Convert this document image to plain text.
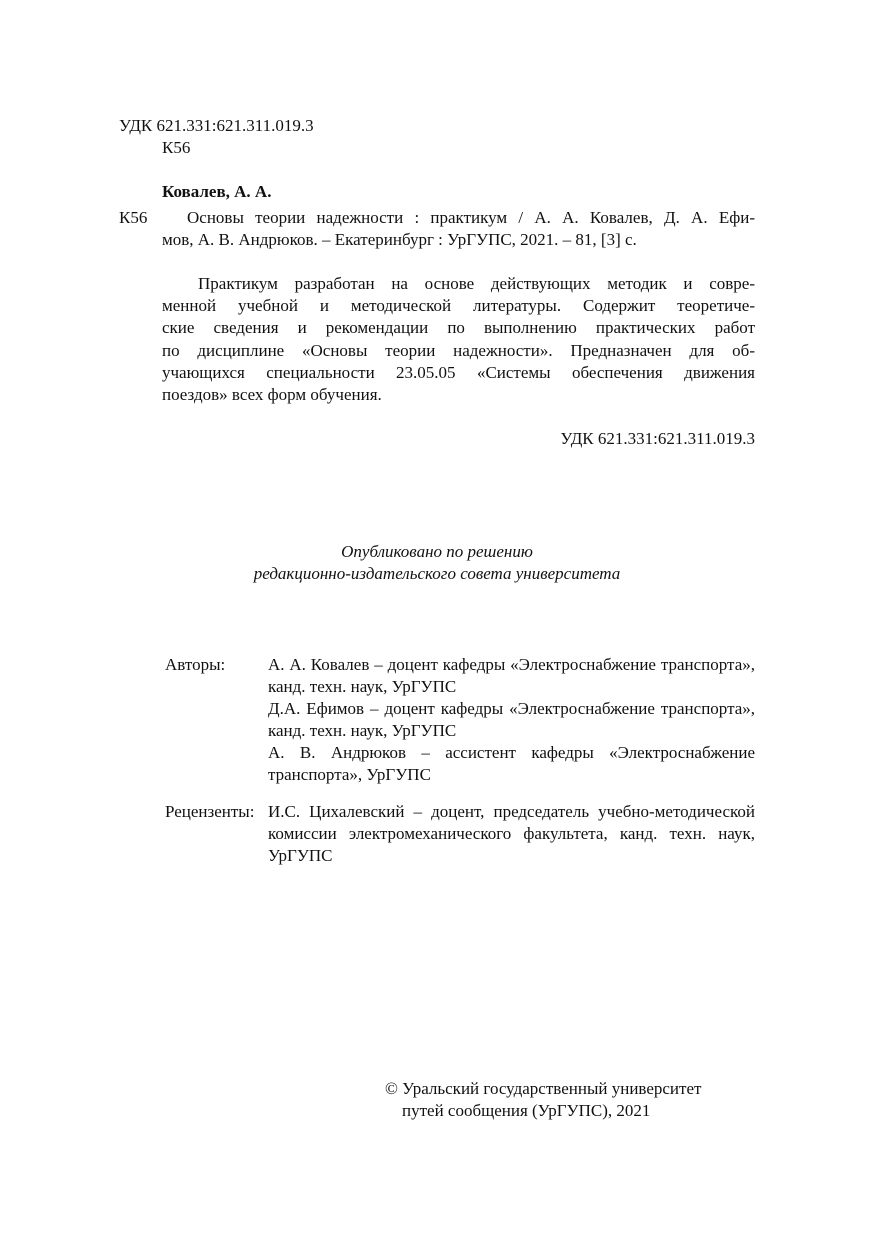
УДК 621.331:621.311.019.3
К56
Ковалев, А. А.
К56 Основы теории надежности : практикум / А. А. Ковалев, Д. А. Ефи-
мов, А. В. Андрюков. – Екатеринбург : УрГУПС, 2021. – 81, [3] с.
Практикум разработан на основе действующих методик и совре-
менной учебной и методической литературы. Содержит теоретиче-
ские сведения и рекомендации по выполнению практических работ
по дисциплине «Основы теории надежности». Предназначен для об-
учающихся специальности 23.05.05 «Системы обеспечения движения
поездов» всех форм обучения.
УДК 621.331:621.311.019.3
Опубликовано по решению
редакционно-издательского совета университета
Авторы:	А. А. Ковалев – доцент кафедры «Электроснабжение транспорта»,
канд. техн. наук, УрГУПС
Д.А. Ефимов – доцент кафедры «Электроснабжение транспорта»,
канд. техн. наук, УрГУПС
А. В. Андрюков – ассистент кафедры «Электроснабжение
транспорта», УрГУПС
Рецензенты: И.С. Цихалевский – доцент, председатель учебно-методической
комиссии электромеханического факультета, канд. техн. наук,
УрГУПС
© Уральский государственный университет
путей сообщения (УрГУПС), 2021
